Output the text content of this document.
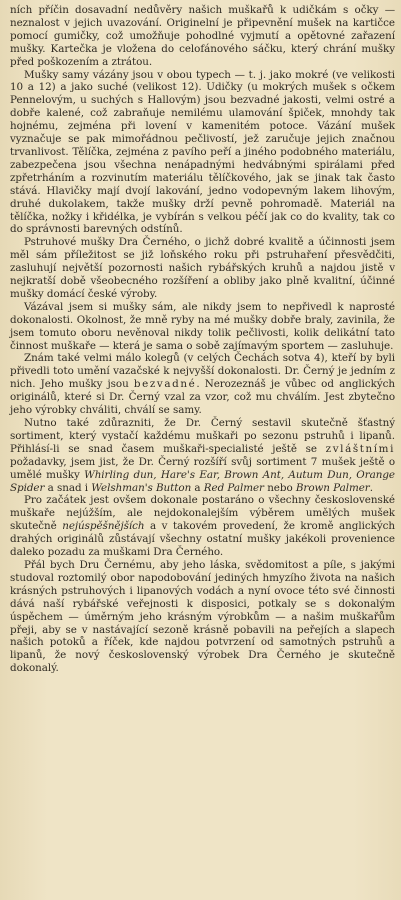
ních příčin dosavadní nedůvěry našich muškařů k udičkám s očky — neznalost v jejich uvazování. Originelní je připevnění mušek na kartičce pomocí gumičky, což umožňuje pohodlné vyjmutí a opětovné zařazení mušky. Kartečka je vložena do celofánového sáčku, který chrání mušky před poškozením a ztrátou.

Mušky samy vázány jsou v obou typech — t. j. jako mokré (ve velikosti 10 a 12) a jako suché (velikost 12). Udičky (u mokrých mušek s očkem Pennelovým, u suchých s Hallovým) jsou bezvadné jakosti, velmi ostré a dobře kalené, což zabraňuje nemilému ulamování špiček, mnohdy tak hojnému, zejména při lovení v kamenitém potoce. Vázání mušek vyznačuje se pak mimořádnou pečlivostí, jež zaručuje jejich značnou trvanlivost. Tělíčka, zejména z pavího peří a jiného podobného materiálu, zabezpečena jsou všechna nenápadnými hedvábnými spirálami před zpřetrháním a rozvinutím materiálu tělíčkového, jak se jinak tak často stává. Hlavičky mají dvojí lakování, jedno vodopevným lakem lihovým, druhé dukolakem, takže mušky drží pevně pohromadě. Materiál na tělíčka, nožky i křidélka, je vybírán s velkou péčí jak co do kvality, tak co do správnosti barevných odstínů.

Pstruhové mušky Dra Černého, o jichž dobré kvalitě a účinnosti jsem měl sám příležitost se již loňského roku při pstruhaření přesvědčiti, zasluhují největší pozornosti našich rybářských kruhů a najdou jistě v nejkratší době všeobecného rozšíření a obliby jako plně kvalitní, účinné mušky domácí české výroby.

Vázával jsem si mušky sám, ale nikdy jsem to nepřivedl k naprosté dokonalosti. Okolnost, že mně ryby na mé mušky dobře braly, zavinila, že jsem tomuto oboru nevěnoval nikdy tolik pečlivosti, kolik delikátní tato činnost muškaře — která je sama o sobě zajímavým sportem — zasluhuje.

Znám také velmi málo kolegů (v celých Čechách sotva 4), kteří by byli přivedli toto umění vazačské k nejvyšší dokonalosti. Dr. Černý je jedním z nich. Jeho mušky jsou bezvadné. Nerozeznáš je vůbec od anglických originálů, které si Dr. Černý vzal za vzor, což mu chválím. Jest zbytečno jeho výrobky chváliti, chválí se samy.

Nutno také zdůrazniti, že Dr. Černý sestavil skutečně šťastný sortiment, který vystačí každému muškaři po sezonu pstruhů i lipanů. Přihlásí-li se snad časem muškaři-specialisté ještě se zvláštními požadavky, jsem jist, že Dr. Černý rozšíří svůj sortiment 7 mušek ještě o umělé mušky Whirling dun, Hare's Ear, Brown Ant, Autum Dun, Orange Spider a snad i Welshman's Button a Red Palmer nebo Brown Palmer.

Pro začátek jest ovšem dokonale postaráno o všechny československé muškaře nejúžším, ale nejdokonalejším výběrem umělých mušek skutečně nejúspěšnějších a v takovém provedení, že kromě anglických drahých originálů zůstávají všechny ostatní mušky jakékoli provenience daleko pozadu za muškami Dra Černého.

Přál bych Dru Černému, aby jeho láska, svědomitost a píle, s jakými studoval roztomilý obor napodobování jediných hmyzího života na našich krásných pstruhových i lipanových vodách a nyní ovoce této své činnosti dává naší rybářské veřejnosti k disposici, potkaly se s dokonalým úspěchem — úměrným jeho krásným výrobkům — a našim muškařům přeji, aby se v nastávající sezoně krásně pobavili na peřejích a slapech našich potoků a říček, kde najdou potvrzení od samotných pstruhů a lipanů, že nový československý výrobek Dra Černého je skutečně dokonalý.
